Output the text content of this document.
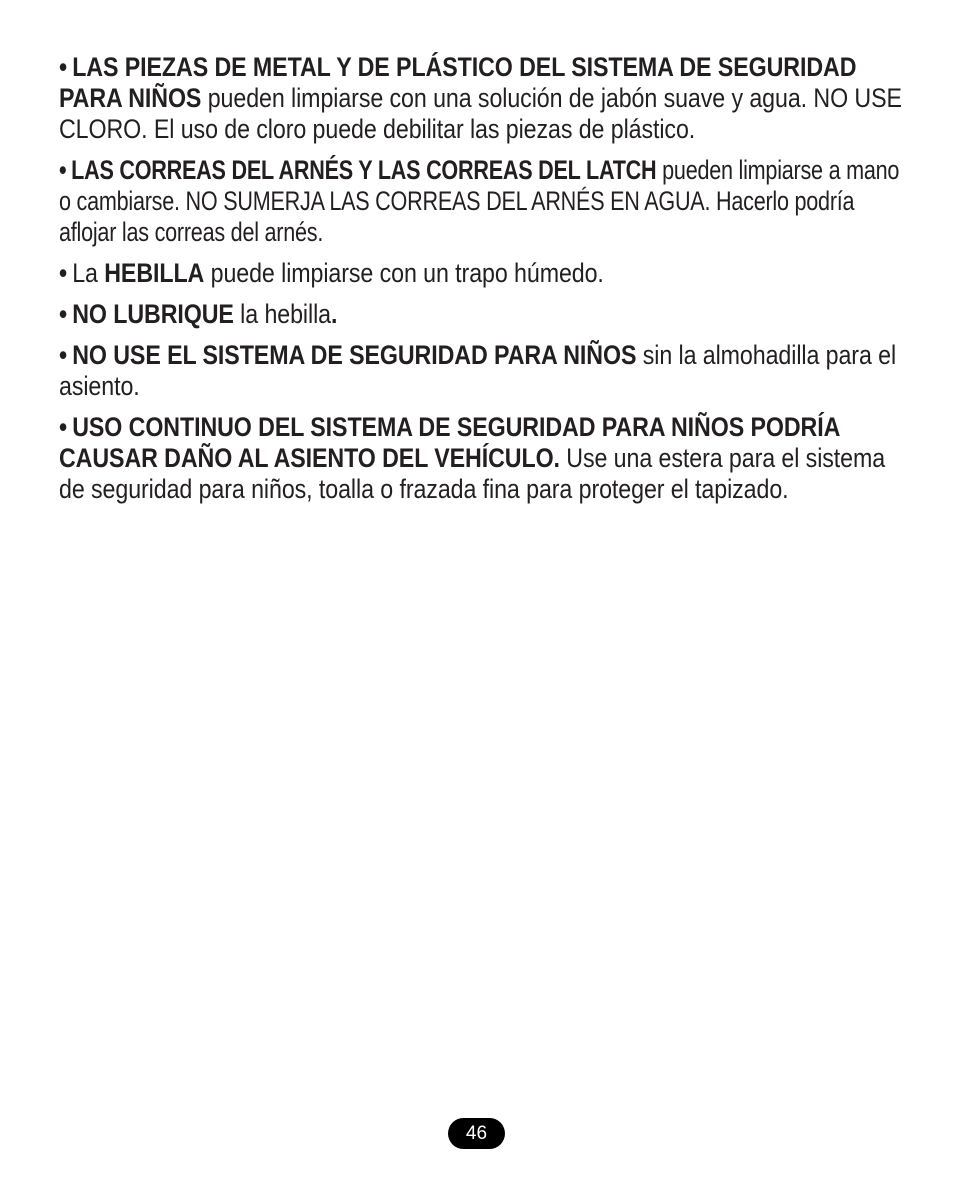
• LAS PIEZAS DE METAL Y DE PLÁSTICO DEL SISTEMA DE SEGURIDAD PARA NIÑOS pueden limpiarse con una solución de jabón suave y agua. NO USE CLORO. El uso de cloro puede debilitar las piezas de plástico.

• LAS CORREAS DEL ARNÉS Y LAS CORREAS DEL LATCH pueden limpiarse a mano o cambiarse. NO SUMERJA LAS CORREAS DEL ARNÉS EN AGUA. Hacerlo podría aflojar las correas del arnés.

• La HEBILLA puede limpiarse con un trapo húmedo.

• NO LUBRIQUE la hebilla.

• NO USE EL SISTEMA DE SEGURIDAD PARA NIÑOS sin la almohadilla para el asiento.

• USO CONTINUO DEL SISTEMA DE SEGURIDAD PARA NIÑOS PODRÍA CAUSAR DAÑO AL ASIENTO DEL VEHÍCULO. Use una estera para el sistema de seguridad para niños, toalla o frazada fina para proteger el tapizado.

46
